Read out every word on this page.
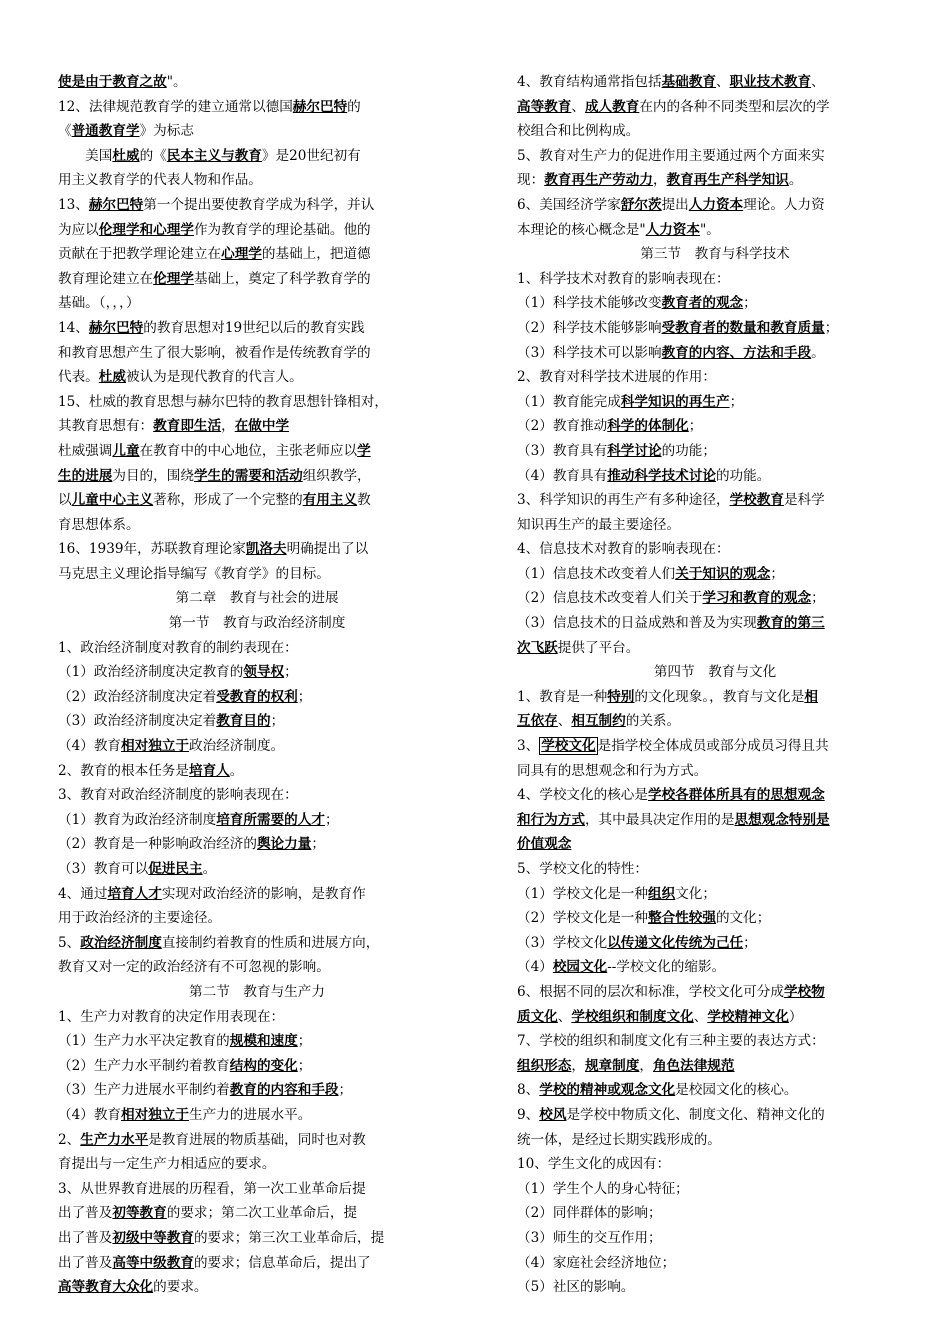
使是由于教育之故"。
12、法律规范教育学的建立通常以德国赫尔巴特的
《普通教育学》为标志
　　美国杜威的《民本主义与教育》是20世纪初有
用主义教育学的代表人物和作品。
13、赫尔巴特第一个提出要使教育学成为科学，并认
为应以伦理学和心理学作为教育学的理论基础。他的
贡献在于把教学理论建立在心理学的基础上，把道德
教育理论建立在伦理学基础上，奠定了科学教育学的
基础。（，，，）
14、赫尔巴特的教育思想对19世纪以后的教育实践
和教育思想产生了很大影响，被看作是传统教育学的
代表。杜威被认为是现代教育的代言人。
15、杜威的教育思想与赫尔巴特的教育思想针锋相对，
其教育思想有：教育即生活，在做中学
杜威强调儿童在教育中的中心地位，主张老师应以学
生的进展为目的，围绕学生的需要和活动组织教学，
以儿童中心主义著称，形成了一个完整的有用主义教
育思想体系。
16、1939年，苏联教育理论家凯洛夫明确提出了以
马克思主义理论指导编写《教育学》的目标。
第二章　教育与社会的进展
第一节　教育与政治经济制度
1、政治经济制度对教育的制约表现在：
（1）政治经济制度决定教育的领导权；
（2）政治经济制度决定着受教育的权利；
（3）政治经济制度决定着教育目的；
（4）教育相对独立于政治经济制度。
2、教育的根本任务是培育人。
3、教育对政治经济制度的影响表现在：
（1）教育为政治经济制度培育所需要的人才；
（2）教育是一种影响政治经济的舆论力量；
（3）教育可以促进民主。
4、通过培育人才实现对政治经济的影响，是教育作
用于政治经济的主要途径。
5、政治经济制度直接制约着教育的性质和进展方向，
教育又对一定的政治经济有不可忽视的影响。
第二节　教育与生产力
1、生产力对教育的决定作用表现在：
（1）生产力水平决定教育的规模和速度；
（2）生产力水平制约着教育结构的变化；
（3）生产力进展水平制约着教育的内容和手段；
（4）教育相对独立于生产力的进展水平。
2、生产力水平是教育进展的物质基础，同时也对教
育提出与一定生产力相适应的要求。
3、从世界教育进展的历程看，第一次工业革命后提
出了普及初等教育的要求；第二次工业革命后，提
出了普及初级中等教育的要求；第三次工业革命后，提
出了普及高等中级教育的要求；信息革命后，提出了
高等教育大众化的要求。
4、教育结构通常指包括基础教育、职业技术教育、
高等教育、成人教育在内的各种不同类型和层次的学
校组合和比例构成。
5、教育对生产力的促进作用主要通过两个方面来实
现：教育再生产劳动力，教育再生产科学知识。
6、美国经济学家舒尔茨提出人力资本理论。人力资
本理论的核心概念是"人力资本"。
第三节　教育与科学技术
1、科学技术对教育的影响表现在：
（1）科学技术能够改变教育者的观念；
（2）科学技术能够影响受教育者的数量和教育质量；
（3）科学技术可以影响教育的内容、方法和手段。
2、教育对科学技术进展的作用：
（1）教育能完成科学知识的再生产；
（2）教育推动科学的体制化；
（3）教育具有科学讨论的功能；
（4）教育具有推动科学技术讨论的功能。
3、科学知识的再生产有多种途径，学校教育是科学
知识再生产的最主要途径。
4、信息技术对教育的影响表现在：
（1）信息技术改变着人们关于知识的观念；
（2）信息技术改变着人们关于学习和教育的观念；
（3）信息技术的日益成熟和普及为实现教育的第三
次飞跃提供了平台。
第四节　教育与文化
1、教育是一种特别的文化现象。，教育与文化是相
互依存、相互制约的关系。
3、 学校文化 是指学校全体成员或部分成员习得且共
同具有的思想观念和行为方式。
4、学校文化的核心是学校各群体所具有的思想观念
和行为方式，其中最具决定作用的是思想观念特别是
价值观念
5、学校文化的特性：
（1）学校文化是一种组织文化；
（2）学校文化是一种整合性较强的文化；
（3）学校文化以传递文化传统为己任；
（4）校园文化--学校文化的缩影。
6、根据不同的层次和标准，学校文化可分成学校物
质文化、学校组织和制度文化、学校精神文化）
7、学校的组织和制度文化有三种主要的表达方式：
组织形态，规章制度，角色法律规范
8、学校的精神或观念文化是校园文化的核心。
9、校风是学校中物质文化、制度文化、精神文化的
统一体，是经过长期实践形成的。
10、学生文化的成因有：
（1）学生个人的身心特征；
（2）同伴群体的影响；
（3）师生的交互作用；
（4）家庭社会经济地位；
（5）社区的影响。
